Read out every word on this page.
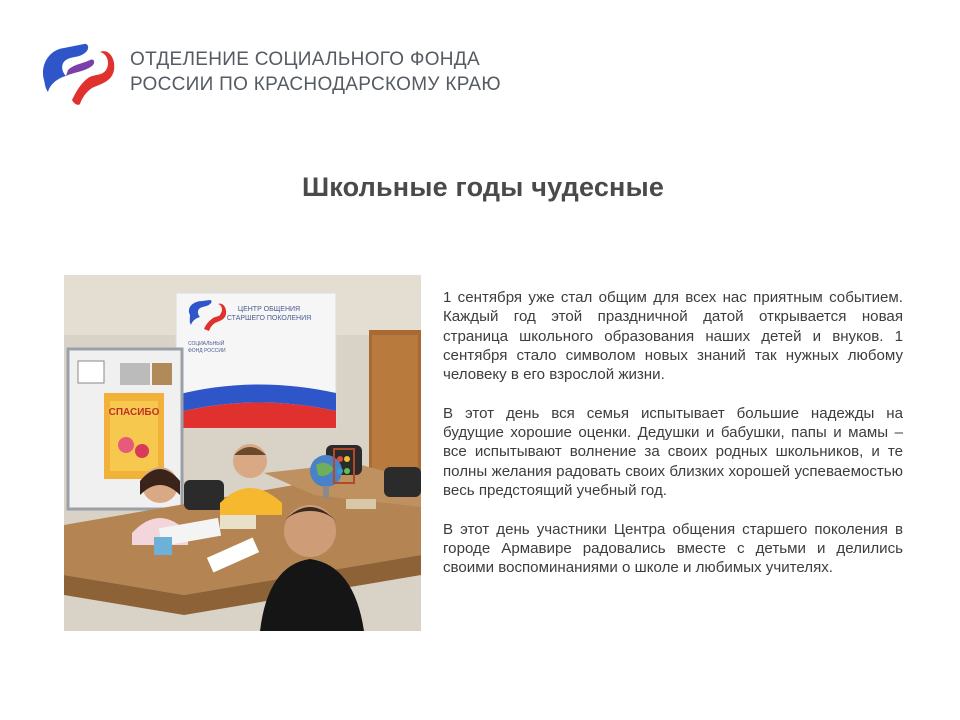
ОТДЕЛЕНИЕ СОЦИАЛЬНОГО ФОНДА
РОССИИ ПО КРАСНОДАРСКОМУ КРАЮ
Школьные годы чудесные
ЦЕНТР ОБЩЕНИЯ
СТАРШЕГО ПОКОЛЕНИЯ
СОЦИАЛЬНЫЙ
ФОНД РОССИИ
СПАСИБО

1 сентября уже стал общим для всех нас приятным событием. Каждый год этой праздничной датой открывается новая страница школьного образования наших детей и внуков. 1 сентября стало символом новых знаний так нужных любому человеку в его взрослой жизни.

В этот день вся семья испытывает большие надежды на будущие хорошие оценки. Дедушки и бабушки, папы и мамы – все испытывают волнение за своих родных школьников, и те полны желания радовать своих близких хорошей успеваемостью весь предстоящий учебный год.

В этот день участники Центра общения старшего поколения в городе Армавире радовались вместе с детьми и делились своими воспоминаниями о школе и любимых учителях.
